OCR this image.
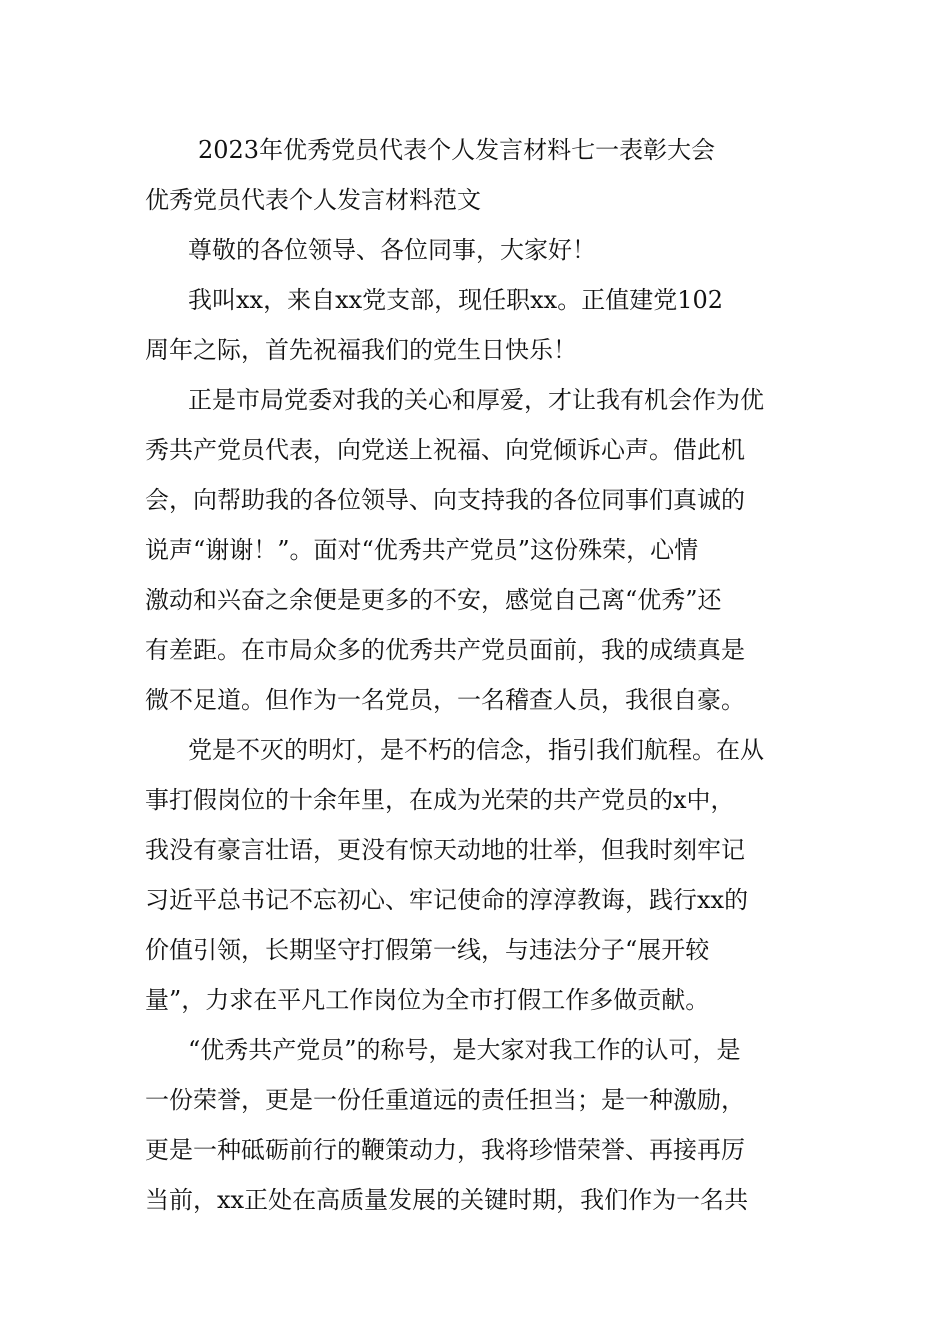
2023年优秀党员代表个人发言材料七一表彰大会
优秀党员代表个人发言材料范文
尊敬的各位领导、各位同事，大家好！
我叫xx，来自xx党支部，现任职xx。正值建党102
周年之际，首先祝福我们的党生日快乐！
正是市局党委对我的关心和厚爱，才让我有机会作为优
秀共产党员代表，向党送上祝福、向党倾诉心声。借此机
会，向帮助我的各位领导、向支持我的各位同事们真诚的
说声“谢谢！”。面对“优秀共产党员”这份殊荣，心情
激动和兴奋之余便是更多的不安，感觉自己离“优秀”还
有差距。在市局众多的优秀共产党员面前，我的成绩真是
微不足道。但作为一名党员，一名稽查人员，我很自豪。
党是不灭的明灯，是不朽的信念，指引我们航程。在从
事打假岗位的十余年里，在成为光荣的共产党员的x中，
我没有豪言壮语，更没有惊天动地的壮举，但我时刻牢记
习近平总书记不忘初心、牢记使命的淳淳教诲，践行xx的
价值引领，长期坚守打假第一线，与违法分子“展开较
量”，力求在平凡工作岗位为全市打假工作多做贡献。
“优秀共产党员”的称号，是大家对我工作的认可，是
一份荣誉，更是一份任重道远的责任担当；是一种激励，
更是一种砥砺前行的鞭策动力，我将珍惜荣誉、再接再厉
当前，xx正处在高质量发展的关键时期，我们作为一名共
